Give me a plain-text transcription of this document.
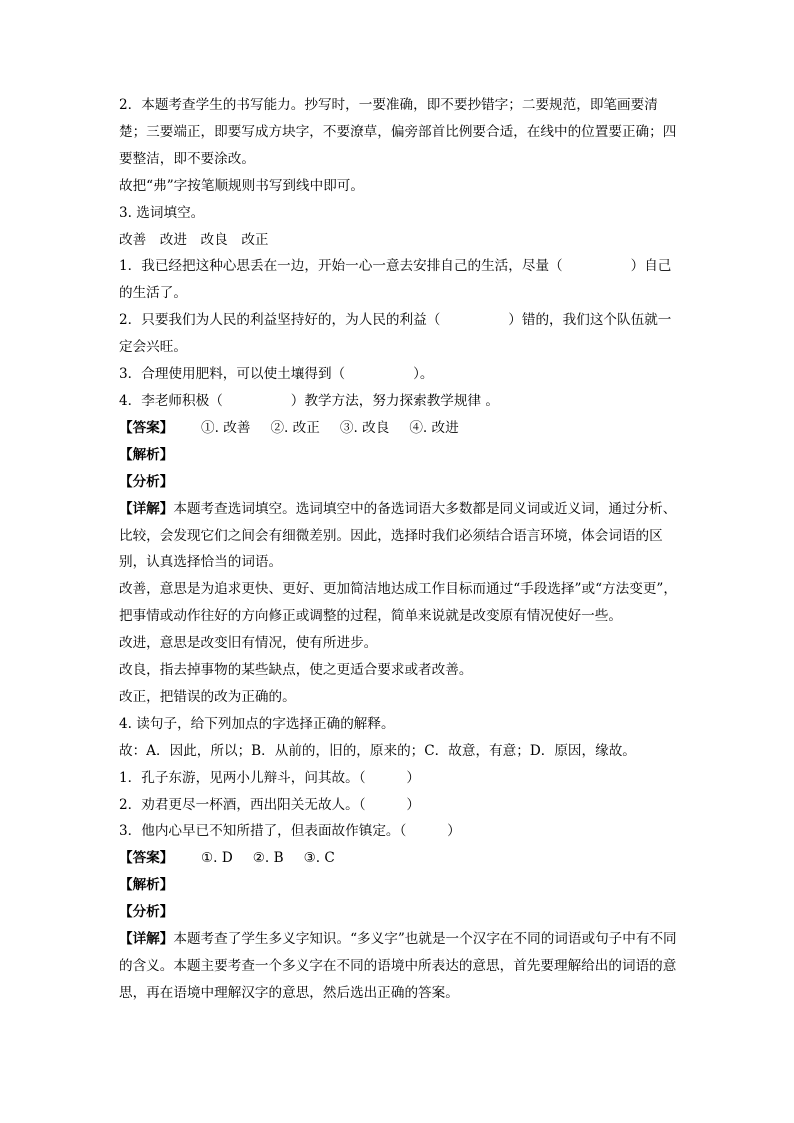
2．本题考查学生的书写能力。抄写时，一要准确，即不要抄错字；二要规范，即笔画要清楚；三要端正，即要写成方块字，不要潦草，偏旁部首比例要合适，在线中的位置要正确；四要整洁，即不要涂改。

故把“弗”字按笔顺规则书写到线中即可。

3. 选词填空。

改善　改进　改良　改正

1．我已经把这种心思丢在一边，开始一心一意去安排自己的生活，尽量（　　　　　）自己的生活了。

2．只要我们为人民的利益坚持好的，为人民的利益（　　　　　）错的，我们这个队伍就一定会兴旺。

3．合理使用肥料，可以使土壤得到（　　　　　）。

4．李老师积极（　　　　　）教学方法，努力探索教学规律 。

【答案】	①. 改善 ②. 改正 ③. 改良 ④. 改进

【解析】

【分析】

【详解】本题考查选词填空。选词填空中的备选词语大多数都是同义词或近义词，通过分析、比较，会发现它们之间会有细微差别。因此，选择时我们必须结合语言环境，体会词语的区别，认真选择恰当的词语。

改善，意思是为追求更快、更好、更加简洁地达成工作目标而通过“手段选择”或“方法变更”，把事情或动作往好的方向修正或调整的过程，简单来说就是改变原有情况使好一些。

改进，意思是改变旧有情况，使有所进步。

改良，指去掉事物的某些缺点，使之更适合要求或者改善。

改正，把错误的改为正确的。

4. 读句子，给下列加点的字选择正确的解释。

故：A．因此，所以；B．从前的，旧的，原来的；C．故意，有意；D．原因，缘故。

1．孔子东游，见两小儿辩斗，问其故。（　　　）

2．劝君更尽一杯酒，西出阳关无故人。（　　　）

3．他内心早已不知所措了，但表面故作镇定。（　　　）

【答案】	①. D ②. B ③. C

【解析】

【分析】

【详解】本题考查了学生多义字知识。“多义字”也就是一个汉字在不同的词语或句子中有不同的含义。本题主要考查一个多义字在不同的语境中所表达的意思，首先要理解给出的词语的意思，再在语境中理解汉字的意思，然后选出正确的答案。
